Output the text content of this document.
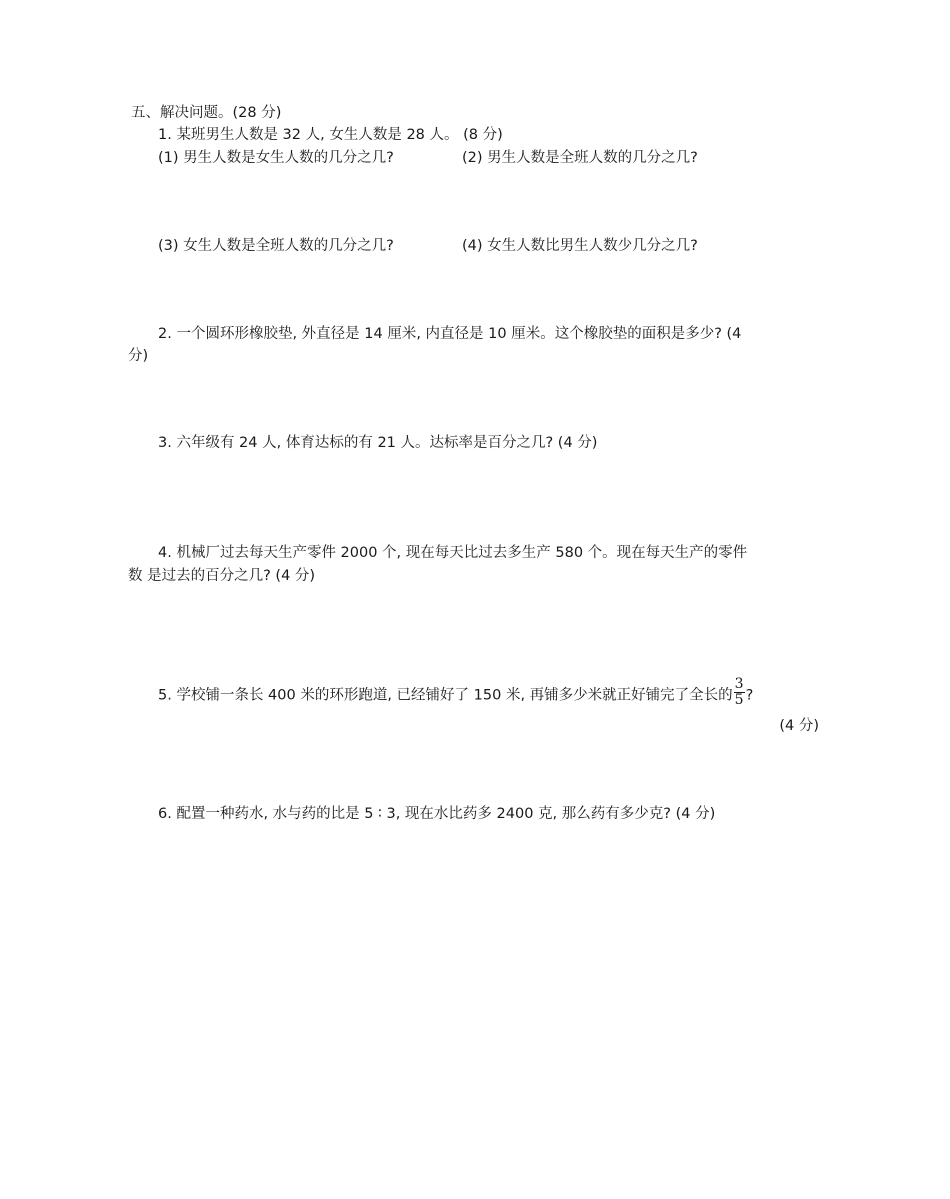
五、解决问题。(28 分)
1. 某班男生人数是 32 人, 女生人数是 28 人。 (8 分)
(1) 男生人数是女生人数的几分之几?	(2) 男生人数是全班人数的几分之几?
(3) 女生人数是全班人数的几分之几?	(4) 女生人数比男生人数少几分之几?
2. 一个圆环形橡胶垫, 外直径是 14 厘米, 内直径是 10 厘米。这个橡胶垫的面积是多少? (4
分)
3. 六年级有 24 人, 体育达标的有 21 人。达标率是百分之几? (4 分)
4. 机械厂过去每天生产零件 2000 个, 现在每天比过去多生产 580 个。现在每天生产的零件
数 是过去的百分之几? (4 分)
5. 学校铺一条长 400 米的环形跑道, 已经铺好了 150 米, 再铺多少米就正好铺完了全长的 $\frac{3}{5}$ ?
(4 分)
6. 配置一种药水, 水与药的比是 5 ∶ 3, 现在水比药多 2400 克, 那么药有多少克? (4 分)
